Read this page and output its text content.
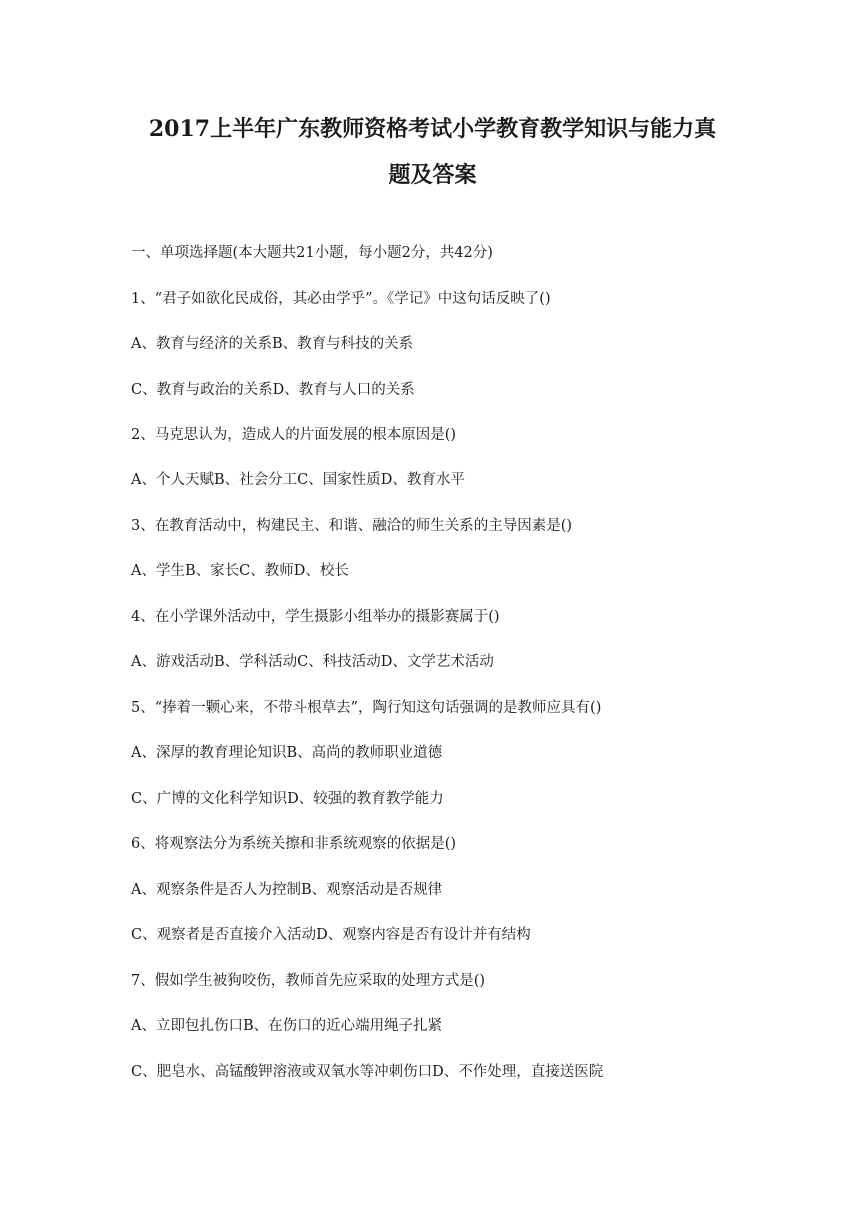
2017上半年广东教师资格考试小学教育教学知识与能力真
题及答案
一、单项选择题(本大题共21小题，每小题2分，共42分)
1、“君子如欲化民成俗，其必由学乎”。《学记》中这句话反映了()
A、教育与经济的关系B、教育与科技的关系
C、教育与政治的关系D、教育与人口的关系
2、马克思认为，造成人的片面发展的根本原因是()
A、个人天赋B、社会分工C、国家性质D、教育水平
3、在教育活动中，构建民主、和谐、融洽的师生关系的主导因素是()
A、学生B、家长C、教师D、校长
4、在小学课外活动中，学生摄影小组举办的摄影赛属于()
A、游戏活动B、学科活动C、科技活动D、文学艺术活动
5、“捧着一颗心来，不带斗根草去”，陶行知这句话强调的是教师应具有()
A、深厚的教育理论知识B、高尚的教师职业道德
C、广博的文化科学知识D、较强的教育教学能力
6、将观察法分为系统关擦和非系统观察的依据是()
A、观察条件是否人为控制B、观察活动是否规律
C、观察者是否直接介入活动D、观察内容是否有设计并有结构
7、假如学生被狗咬伤，教师首先应采取的处理方式是()
A、立即包扎伤口B、在伤口的近心端用绳子扎紧
C、肥皂水、高锰酸钾溶液或双氧水等冲刺伤口D、不作处理，直接送医院
